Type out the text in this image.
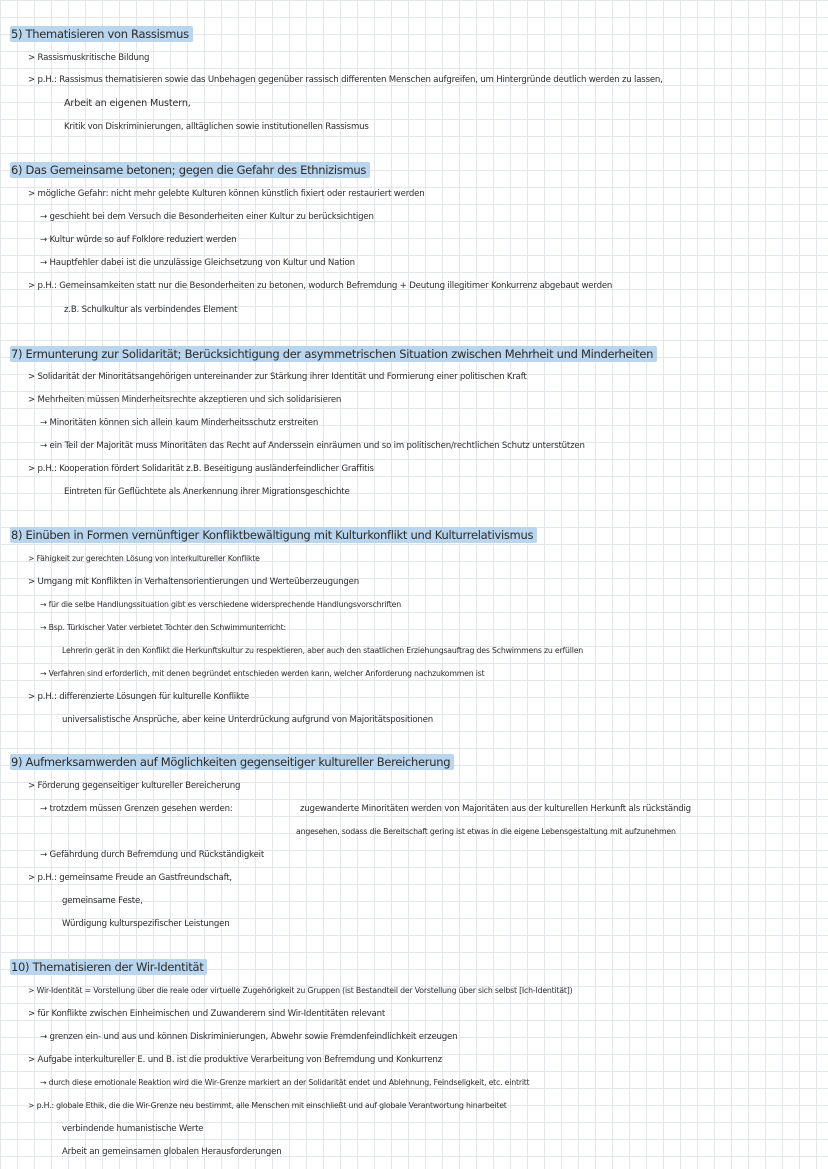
5) Thematisieren von Rassismus
> Rassismuskritische Bildung
> p.H.: Rassismus thematisieren sowie das Unbehagen gegenüber rassisch differenten Menschen aufgreifen, um Hintergründe deutlich werden zu lassen,
Arbeit an eigenen Mustern,
Kritik von Diskriminierungen, alltäglichen sowie institutionellen Rassismus
6) Das Gemeinsame betonen; gegen die Gefahr des Ethnizismus
> mögliche Gefahr: nicht mehr gelebte Kulturen können künstlich fixiert oder restauriert werden
→ geschieht bei dem Versuch die Besonderheiten einer Kultur zu berücksichtigen
→ Kultur würde so auf Folklore reduziert werden
→ Hauptfehler dabei ist die unzulässige Gleichsetzung von Kultur und Nation
> p.H.: Gemeinsamkeiten statt nur die Besonderheiten zu betonen, wodurch Befremdung + Deutung illegitimer Konkurrenz abgebaut werden
z.B. Schulkultur als verbindendes Element
7) Ermunterung zur Solidarität; Berücksichtigung der asymmetrischen Situation zwischen Mehrheit und Minderheiten
> Solidarität der Minoritätsangehörigen untereinander zur Stärkung ihrer Identität und Formierung einer politischen Kraft
> Mehrheiten müssen Minderheitsrechte akzeptieren und sich solidarisieren
→ Minoritäten können sich allein kaum Minderheitsschutz erstreiten
→ ein Teil der Majorität muss Minoritäten das Recht auf Anderssein einräumen und so im politischen/rechtlichen Schutz unterstützen
> p.H.: Kooperation fördert Solidarität z.B. Beseitigung ausländerfeindlicher Graffitis
Eintreten für Geflüchtete als Anerkennung ihrer Migrationsgeschichte
8) Einüben in Formen vernünftiger Konfliktbewältigung mit Kulturkonflikt und Kulturrelativismus
> Fähigkeit zur gerechten Lösung von interkultureller Konflikte
> Umgang mit Konflikten in Verhaltensorientierungen und Werteüberzeugungen
→ für die selbe Handlungssituation gibt es verschiedene widersprechende Handlungsvorschriften
→ Bsp. Türkischer Vater verbietet Tochter den Schwimmunterricht:
Lehrerin gerät in den Konflikt die Herkunftskultur zu respektieren, aber auch den staatlichen Erziehungsauftrag des Schwimmens zu erfüllen
→ Verfahren sind erforderlich, mit denen begründet entschieden werden kann, welcher Anforderung nachzukommen ist
> p.H.: differenzierte Lösungen für kulturelle Konflikte
universalistische Ansprüche, aber keine Unterdrückung aufgrund von Majoritätspositionen
9) Aufmerksamwerden auf Möglichkeiten gegenseitiger kultureller Bereicherung
> Förderung gegenseitiger kultureller Bereicherung
→ trotzdem müssen Grenzen gesehen werden:	zugewanderte Minoritäten werden von Majoritäten aus der kulturellen Herkunft als rückständig
angesehen, sodass die Bereitschaft gering ist etwas in die eigene Lebensgestaltung mit aufzunehmen
→ Gefährdung durch Befremdung und Rückständigkeit
> p.H.: gemeinsame Freude an Gastfreundschaft,
gemeinsame Feste,
Würdigung kulturspezifischer Leistungen
10) Thematisieren der Wir-Identität
> Wir-Identität = Vorstellung über die reale oder virtuelle Zugehörigkeit zu Gruppen (ist Bestandteil der Vorstellung über sich selbst [Ich-Identität])
> für Konflikte zwischen Einheimischen und Zuwanderern sind Wir-Identitäten relevant
→ grenzen ein- und aus und können Diskriminierungen, Abwehr sowie Fremdenfeindlichkeit erzeugen
> Aufgabe interkultureller E. und B. ist die produktive Verarbeitung von Befremdung und Konkurrenz
→ durch diese emotionale Reaktion wird die Wir-Grenze markiert an der Solidarität endet und Ablehnung, Feindseligkeit, etc. eintritt
> p.H.: globale Ethik, die die Wir-Grenze neu bestimmt, alle Menschen mit einschließt und auf globale Verantwortung hinarbeitet
verbindende humanistische Werte
Arbeit an gemeinsamen globalen Herausforderungen
